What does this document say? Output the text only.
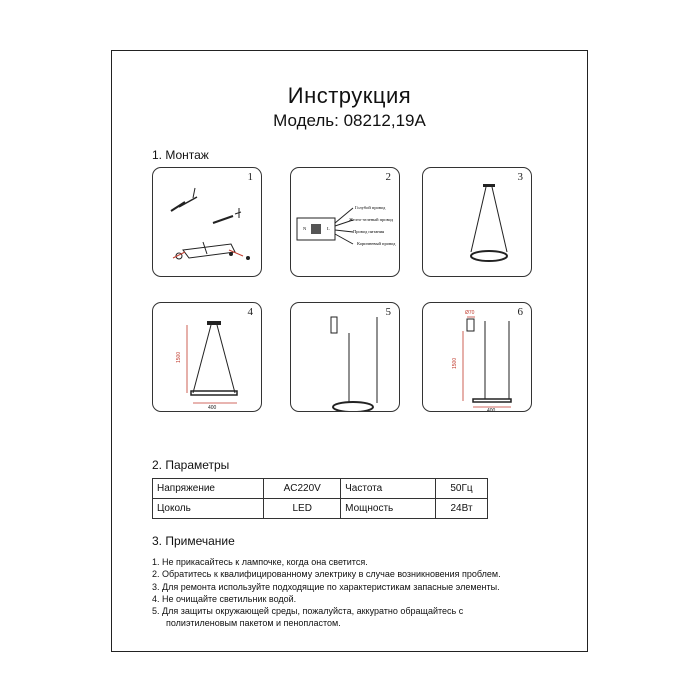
Инструкция
Модель: 08212,19А
1. Монтаж
1	2
N	L
Голубой провод
Желто-зеленый провод
Провод питания
Коричневый провод
3
4
1500
400
5	6
Ø70
1500
400
2. Параметры
Напряжение	AC220V	Частота	50Гц
Цоколь	LED	Мощность	24Вт
3. Примечание
1. Не прикасайтесь к лампочке, когда она светится.
2. Обратитесь к квалифицированному электрику в случае возникновения проблем.
3. Для ремонта используйте подходящие по характеристикам запасные элементы.
4. Не очищайте светильник водой.
5. Для защиты окружающей среды, пожалуйста, аккуратно обращайтесь с
полиэтиленовым пакетом и пенопластом.
